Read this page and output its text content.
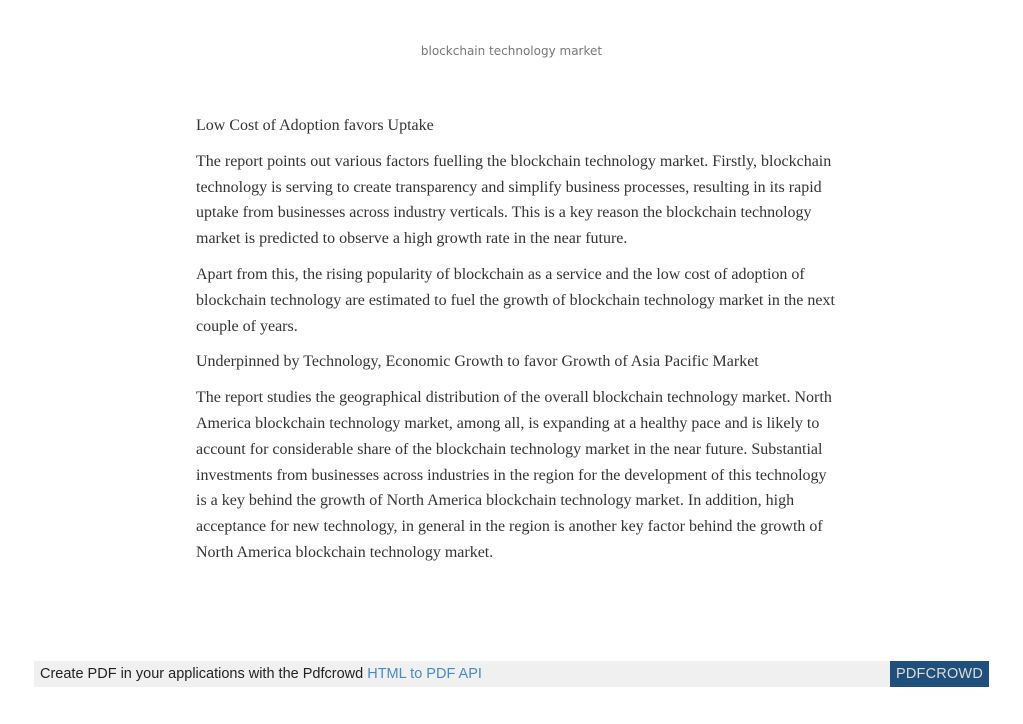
blockchain technology market

Low Cost of Adoption favors Uptake

The report points out various factors fuelling the blockchain technology market. Firstly, blockchain technology is serving to create transparency and simplify business processes, resulting in its rapid uptake from businesses across industry verticals. This is a key reason the blockchain technology market is predicted to observe a high growth rate in the near future.

Apart from this, the rising popularity of blockchain as a service and the low cost of adoption of blockchain technology are estimated to fuel the growth of blockchain technology market in the next couple of years.

Underpinned by Technology, Economic Growth to favor Growth of Asia Pacific Market

The report studies the geographical distribution of the overall blockchain technology market. North America blockchain technology market, among all, is expanding at a healthy pace and is likely to account for considerable share of the blockchain technology market in the near future. Substantial investments from businesses across industries in the region for the development of this technology is a key behind the growth of North America blockchain technology market. In addition, high acceptance for new technology, in general in the region is another key factor behind the growth of North America blockchain technology market.

Create PDF in your applications with the Pdfcrowd HTML to PDF API	PDFCROWD
